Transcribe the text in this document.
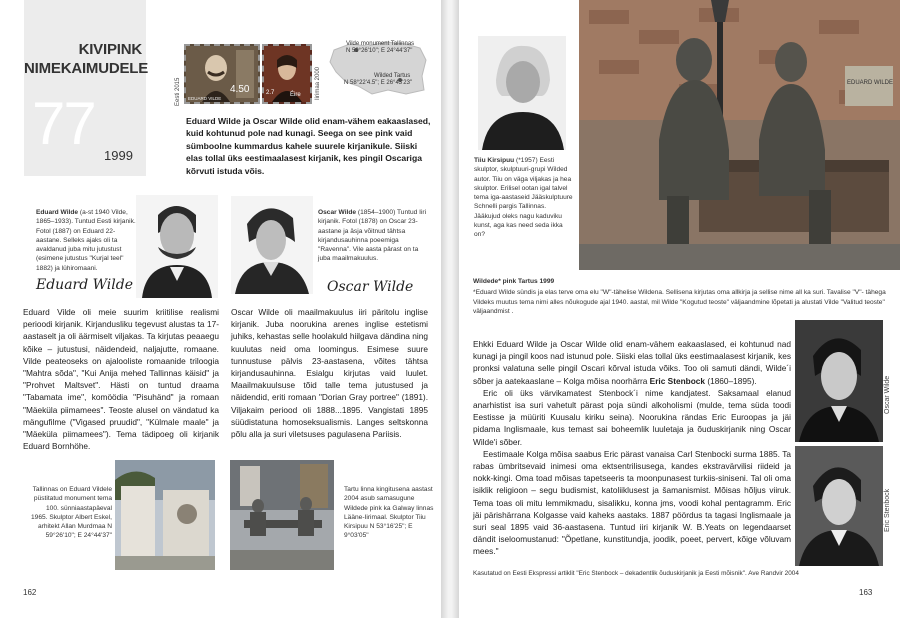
KIVIPINK
NIMEKAIMUDELE
77 1999
Eesti 2015	4.50
EDUARD VILDE
2.7	Éire Iirimaa 2000
Vilde monument Tallinnas
N 59°26'10"; E 24°44'37"
Wilded Tartus
N 58°22'4.5"; E 26°43'23"
Eduard Wilde ja Oscar Wilde olid enam-vähem eakaaslased, kuid kohtunud pole nad kunagi. Seega on see pink vaid sümboolne kummardus kahele suurele kirjanikule. Siiski elas tollal üks eestimaalasest kirjanik, kes pingil Oscariga kõrvuti istuda võis.
Eduard Wilde (a-st 1940 Vilde, 1865–1933). Tuntud Eesti kirjanik. Fotol (1887) on Eduard 22-aastane. Selleks ajaks oli ta avaldanud juba mitu jutustust (esimene jutustus "Kurjal teel" 1882) ja lühiromaani.
Eduard Wilde
Oscar Wilde (1854–1900) Tuntud Iiri kirjanik. Fotol (1878) on Oscar 23-aastane ja äsja võitnud tähtsa kirjandusauhinna poeemiga "Ravenna". Vile aasta pärast on ta juba maailmakuulus.
Oscar Wilde
Eduard Vilde oli meie suurim kriitilise realismi perioodi kirjanik. Kirjandusliku tegevust alustas ta 17-aastaselt ja oli äärmiselt viljakas. Ta kirjutas peaaegu kõike – jutustusi, näidendeid, naljajutte, romaane. Vilde peateoseks on ajalooliste romaanide triloogia "Mahtra sõda", "Kui Anija mehed Tallinnas käisid" ja "Prohvet Maltsvet". Hästi on tuntud draama "Tabamata ime", komöödia "Pisuhänd" ja romaan "Mäeküla piimamees". Teoste alusel on vändatud ka mängufilme ("Vigased pruudid", "Külmale maale" ja "Mäeküla piimamees"). Tema tädipoeg oli kirjanik Eduard Bornhöhe.
Oscar Wilde oli maailmakuulus iiri päritolu inglise kirjanik. Juba noorukina arenes inglise estetismi juhiks, kehastas selle hoolakuld hiilgava dändina ning kuulutas neid oma loomingus. Esimese suure tunnustuse pälvis 23-aastasena, võites tähtsa kirjandusauhinna. Esialgu kirjutas vaid luulet. Maailmakuulsuse tõid talle tema jutustused ja näidendid, eriti romaan "Dorian Gray portree" (1891). Viljakaim periood oli 1888...1895. Vangistati 1895 süüdistatuna homoseksualismis. Langes seltskonna põlu alla ja suri viletsuses pagulasena Pariisis.
Tallinnas on Eduard Vildele püstitatud monument tema 100. sünniaastapäeval 1965. Skulptor Albert Eskel, arhitekt Allan Murdmaa N 59°26'10"; E 24°44'37"
Tartu linna kingitusena aastast 2004 asub samasugune Wildede pink ka Galway linnas Lääne-Iirimaal. Skulptor Tiiu Kirsipuu N 53°16'25"; E 9°03'05"
162
Tiiu Kirsipuu (*1957) Eesti skulptor, skulptuuri-grupi Wilded autor. Tiiu on väga viljakas ja hea skulptor. Erilisel ootan igal talvel tema iga-aastaseid Jääskulptuure Schnelli pargis Tallinnas. Jääkujud oleks nagu kaduviku kunst, aga kas need seda ikka on?
EDUARD WILDE
Wildede* pink Tartus 1999
*Eduard Wilde sündis ja elas terve oma elu "W"-tähelise Wildena. Sellisena kirjutas oma allkirja ja sellise nime all ka suri. Tavalise "V"- tähega Vildeks muutus tema nimi alles nõukogude ajal 1940. aastal, mil Wilde "Kogutud teoste" väljaandmine lõpetati ja alustati Vilde "Valitud teoste" väljaandmist .

Ehkki Eduard Wilde ja Oscar Wilde olid enam-vähem eakaaslased, ei kohtunud nad kunagi ja pingil koos nad istunud pole. Siiski elas tollal üks eestimaalasest kirjanik, kes pronksi valatuna selle pingil Oscari kõrval istuda võiks. Too oli samuti dändi, Wilde´i sõber ja aatekaaslane – Kolga mõisa noorhärra Eric Stenbock (1860–1895).

Eric oli üks värvikamatest Stenbock´i nime kandjatest. Saksamaal elanud anarhistist isa suri vahetult pärast poja sündi alkoholismi (mulde, tema süda toodi Eestisse ja müüriti Kuusalu kiriku seina). Noorukina rändas Eric Euroopas ja jäi pidama Inglismaale, kus temast sai boheemlik luuletaja ja õuduskirjanik ning Oscar Wilde'i sõber.

Eestimaale Kolga mõisa saabus Eric pärast vanaisa Carl Stenbocki surma 1885. Ta rabas ümbritsevaid inimesi oma ektsentrilisusega, kandes ekstravärvilisi riideid ja nokk-kingi. Oma toad mõisas tapetseeris ta moonpunasest turkiis-siniseni. Tal oli oma isiklik religioon – segu budismist, katoliiklusest ja šamanismist. Mõisas hõljus viiruk. Tema toas oli mitu lemmikmadu, sisalikku, konna jms, voodi kohal pentagramm. Eric jäi pärishärrana Kolgasse vaid kaheks aastaks. 1887 pöördus ta tagasi Inglismaale ja suri seal 1895 vaid 36-aastasena. Tuntud iiri kirjanik W. B.Yeats on legendaarset dändit iseloomustanud: "Õpetlane, kunstitundja, joodik, poeet, pervert, kõige võluvam mees."

Kasutatud on Eesti Ekspressi artiklit "Eric Stenbock – dekadentlik õuduskirjanik ja Eesti mõisnik". Ave Randvir 2004
Oscar Wilde
Eric Stenbock
163
